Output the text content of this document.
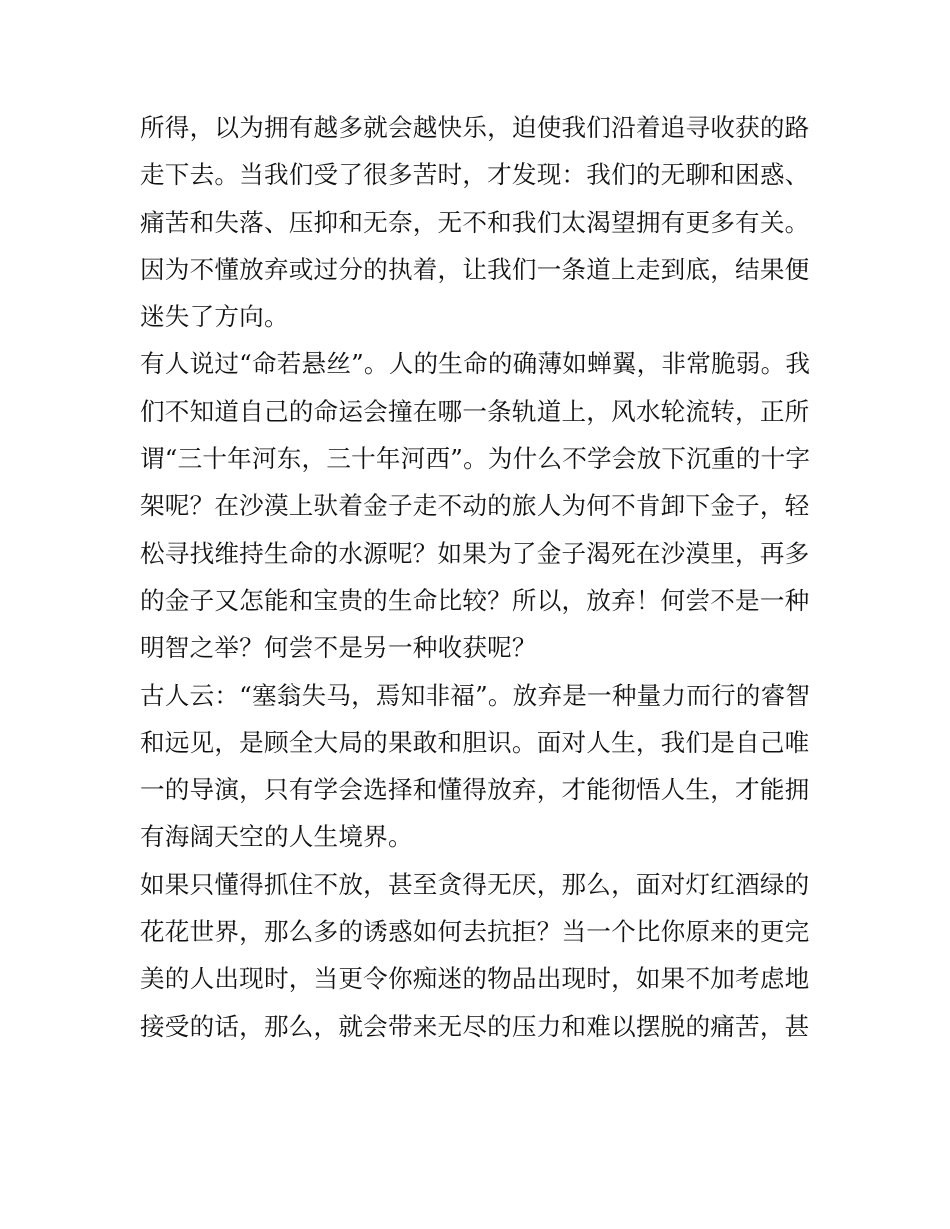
所得，以为拥有越多就会越快乐，迫使我们沿着追寻收获的路
走下去。当我们受了很多苦时，才发现：我们的无聊和困惑、
痛苦和失落、压抑和无奈，无不和我们太渴望拥有更多有关。
因为不懂放弃或过分的执着，让我们一条道上走到底，结果便
迷失了方向。
有人说过“命若悬丝”。人的生命的确薄如蝉翼，非常脆弱。我
们不知道自己的命运会撞在哪一条轨道上，风水轮流转，正所
谓“三十年河东，三十年河西”。为什么不学会放下沉重的十字
架呢？在沙漠上驮着金子走不动的旅人为何不肯卸下金子，轻
松寻找维持生命的水源呢？如果为了金子渴死在沙漠里，再多
的金子又怎能和宝贵的生命比较？所以，放弃！何尝不是一种
明智之举？何尝不是另一种收获呢？
古人云：“塞翁失马，焉知非福”。放弃是一种量力而行的睿智
和远见，是顾全大局的果敢和胆识。面对人生，我们是自己唯
一的导演，只有学会选择和懂得放弃，才能彻悟人生，才能拥
有海阔天空的人生境界。
如果只懂得抓住不放，甚至贪得无厌，那么，面对灯红酒绿的
花花世界，那么多的诱惑如何去抗拒？当一个比你原来的更完
美的人出现时，当更令你痴迷的物品出现时，如果不加考虑地
接受的话，那么，就会带来无尽的压力和难以摆脱的痛苦，甚
